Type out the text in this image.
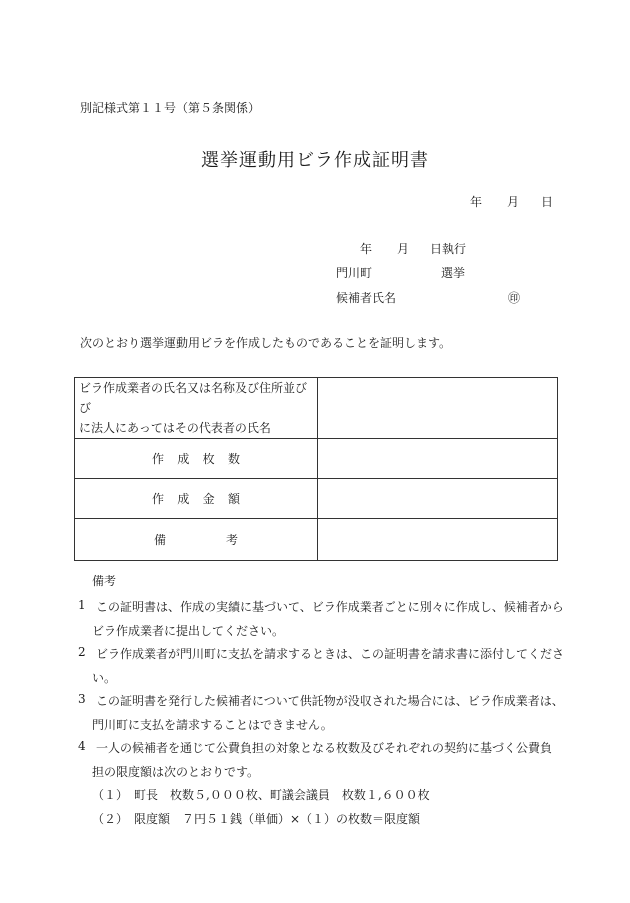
別記様式第１１号（第５条関係）
選挙運動用ビラ作成証明書
年 月 日
年 月 日執行
門川町	選挙
候補者氏名	㊞
次のとおり選挙運動用ビラを作成したものであることを証明します。
ビラ作成業者の氏名又は名称及び住所並びび
に法人にあってはその代表者の氏名	

作 成 枚 数	

作 成 金 額	

備 考	

備考
1 この証明書は、作成の実績に基づいて、ビラ作成業者ごとに別々に作成し、候補者から
ビラ作成業者に提出してください。
2 ビラ作成業者が門川町に支払を請求するときは、この証明書を請求書に添付してくださ
い。
3 この証明書を発行した候補者について供託物が没収された場合には、ビラ作成業者は、
門川町に支払を請求することはできません。
4 一人の候補者を通じて公費負担の対象となる枚数及びそれぞれの契約に基づく公費負
担の限度額は次のとおりです。
（１）　町長　枚数５,０００枚、町議会議員　枚数１,６００枚
（２）　限度額　７円５１銭（単価）×（１）の枚数＝限度額
